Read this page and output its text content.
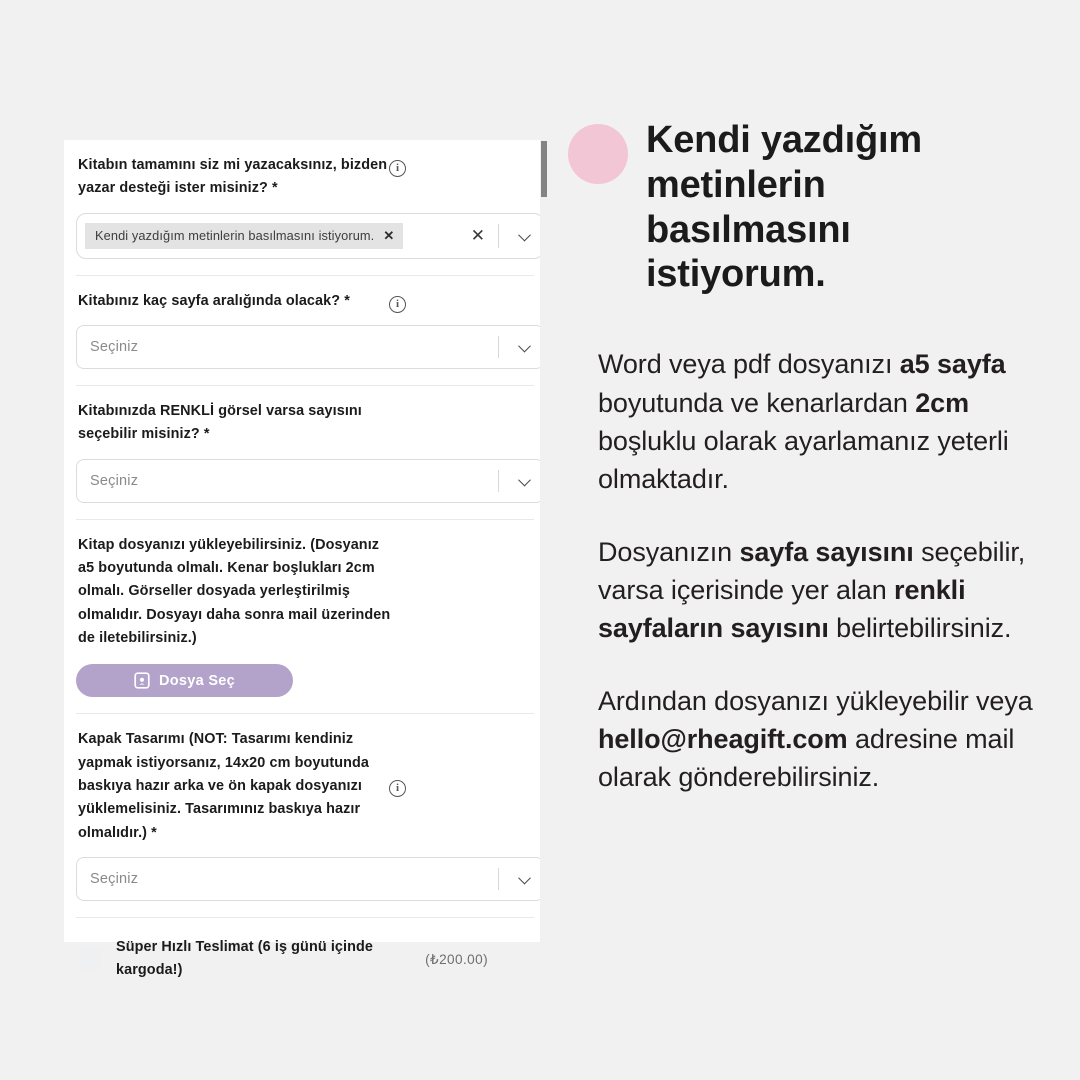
Kitabın tamamını siz mi yazacaksınız, bizden yazar desteği ister misiniz? *
i
Kendi yazdığım metinlerin basılmasını istiyorum. ✕	✕
Kitabınız kaç sayfa aralığında olacak? *	i
Seçiniz
Kitabınızda RENKLİ görsel varsa sayısını seçebilir misiniz? *
Seçiniz
Kitap dosyanızı yükleyebilirsiniz. (Dosyanız a5 boyutunda olmalı. Kenar boşlukları 2cm olmalı. Görseller dosyada yerleştirilmiş olmalıdır. Dosyayı daha sonra mail üzerinden de iletebilirsiniz.)
Dosya Seç
Kapak Tasarımı (NOT: Tasarımı kendiniz yapmak istiyorsanız, 14x20 cm boyutunda baskıya hazır arka ve ön kapak dosyanızı yüklemelisiniz. Tasarımınız baskıya hazır olmalıdır.) *
i
Seçiniz
Süper Hızlı Teslimat (6 iş günü içinde kargoda!)
(₺200.00)
Kendi yazdığım metinlerin basılmasını istiyorum.

Word veya pdf dosyanızı a5 sayfa boyutunda ve kenarlardan 2cm boşluklu olarak ayarlamanız yeterli olmaktadır.

Dosyanızın sayfa sayısını seçebilir, varsa içerisinde yer alan renkli sayfaların sayısını belirtebilirsiniz.

Ardından dosyanızı yükleyebilir veya hello@rheagift.com adresine mail olarak gönderebilirsiniz.
